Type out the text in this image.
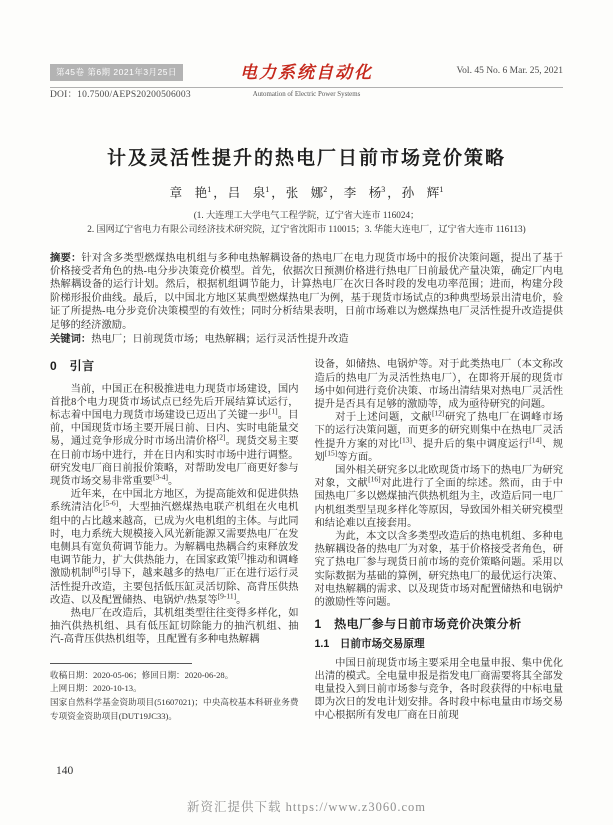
第45卷 第6期 2021年3月25日
DOI：10.7500/AEPS20200506003
电力系统自动化
Automation of Electric Power Systems
Vol. 45 No. 6 Mar. 25, 2021
计及灵活性提升的热电厂日前市场竞价策略
章　艳$^1$ ， 吕　泉$^1$ ， 张　娜$^2$ ， 李　杨$^3$ ， 孙　辉$^1$
(1. 大连理工大学电气工程学院，辽宁省大连市 116024；
2. 国网辽宁省电力有限公司经济技术研究院，辽宁省沈阳市 110015；3. 华能大连电厂，辽宁省大连市 116113)
摘要：针对含多类型燃煤热电机组与多种电热解耦设备的热电厂在电力现货市场中的报价决策问题，提出了基于价格接受者角色的热-电分步决策竞价模型。首先，依据次日预测价格进行热电厂日前最优产量决策，确定厂内电热解耦设备的运行计划。然后，根据机组调节能力，计算热电厂在次日各时段的发电功率范围；进而，构建分段阶梯形报价曲线。最后，以中国北方地区某典型燃煤热电厂为例，基于现货市场试点的3种典型场景出清电价，验证了所提热-电分步竞价决策模型的有效性；同时分析结果表明，日前市场难以为燃煤热电厂灵活性提升改造提供足够的经济激励。
关键词：热电厂；日前现货市场；电热解耦；运行灵活性提升改造
0　引言

当前，中国正在积极推进电力现货市场建设，国内首批8个电力现货市场试点已经先后开展结算试运行，标志着中国电力现货市场建设已迈出了关键一步[1]。目前，中国现货市场主要开展日前、日内、实时电能量交易，通过竞争形成分时市场出清价格[2]。现货交易主要在日前市场中进行，并在日内和实时市场中进行调整。研究发电厂商日前报价策略，对帮助发电厂商更好参与现货市场交易非常重要[3-4]。

近年来，在中国北方地区，为提高能效和促进供热系统清洁化[5-6]，大型抽汽燃煤热电联产机组在火电机组中的占比越来越高，已成为火电机组的主体。与此同时，电力系统大规模接入风光新能源又需要热电厂在发电侧具有宽负荷调节能力。为解耦电热耦合约束释放发电调节能力，扩大供热能力，在国家政策[7]推动和调峰激励机制[8]引导下，越来越多的热电厂正在进行运行灵活性提升改造，主要包括低压缸灵活切除、高背压供热改造、以及配置储热、电锅炉/热泵等[9-11]。

热电厂在改造后，其机组类型往往变得多样化，如抽汽供热机组、具有低压缸切除能力的抽汽机组、抽汽-高背压供热机组等，且配置有多种电热解耦

收稿日期：2020-05-06；修回日期：2020-06-28。
上网日期：2020-10-13。
国家自然科学基金资助项目(51607021)；中央高校基本科研业务费专项资金资助项目(DUT19JC33)。

设备，如储热、电锅炉等。对于此类热电厂（本文称改造后的热电厂为灵活性热电厂），在即将开展的现货市场中如何进行竞价决策、市场出清结果对热电厂灵活性提升是否具有足够的激励等，成为亟待研究的问题。

对于上述问题，文献[12]研究了热电厂在调峰市场下的运行决策问题，而更多的研究则集中在热电厂灵活性提升方案的对比[13]、提升后的集中调度运行[14]、规划[15]等方面。

国外相关研究多以北欧现货市场下的热电厂为研究对象，文献[16]对此进行了全面的综述。然而，由于中国热电厂多以燃煤抽汽供热机组为主，改造后同一电厂内机组类型呈现多样化等原因，导致国外相关研究模型和结论难以直接套用。

为此，本文以含多类型改造后的热电机组、多种电热解耦设备的热电厂为对象，基于价格接受者角色，研究了热电厂参与现货日前市场的竞价策略问题。采用以实际数据为基础的算例，研究热电厂的最优运行决策、对电热解耦的需求、以及现货市场对配置储热和电锅炉的激励性等问题。

1　热电厂参与日前市场竞价决策分析
1.1　日前市场交易原理

中国日前现货市场主要采用全电量申报、集中优化出清的模式。全电量申报是指发电厂商需要将其全部发电量投入到日前市场参与竞争，各时段获得的中标电量即为次日的发电计划安排。各时段中标电量由市场交易中心根据所有发电厂商在日前现

140
新资汇提供下载 https://www.z3060.com
